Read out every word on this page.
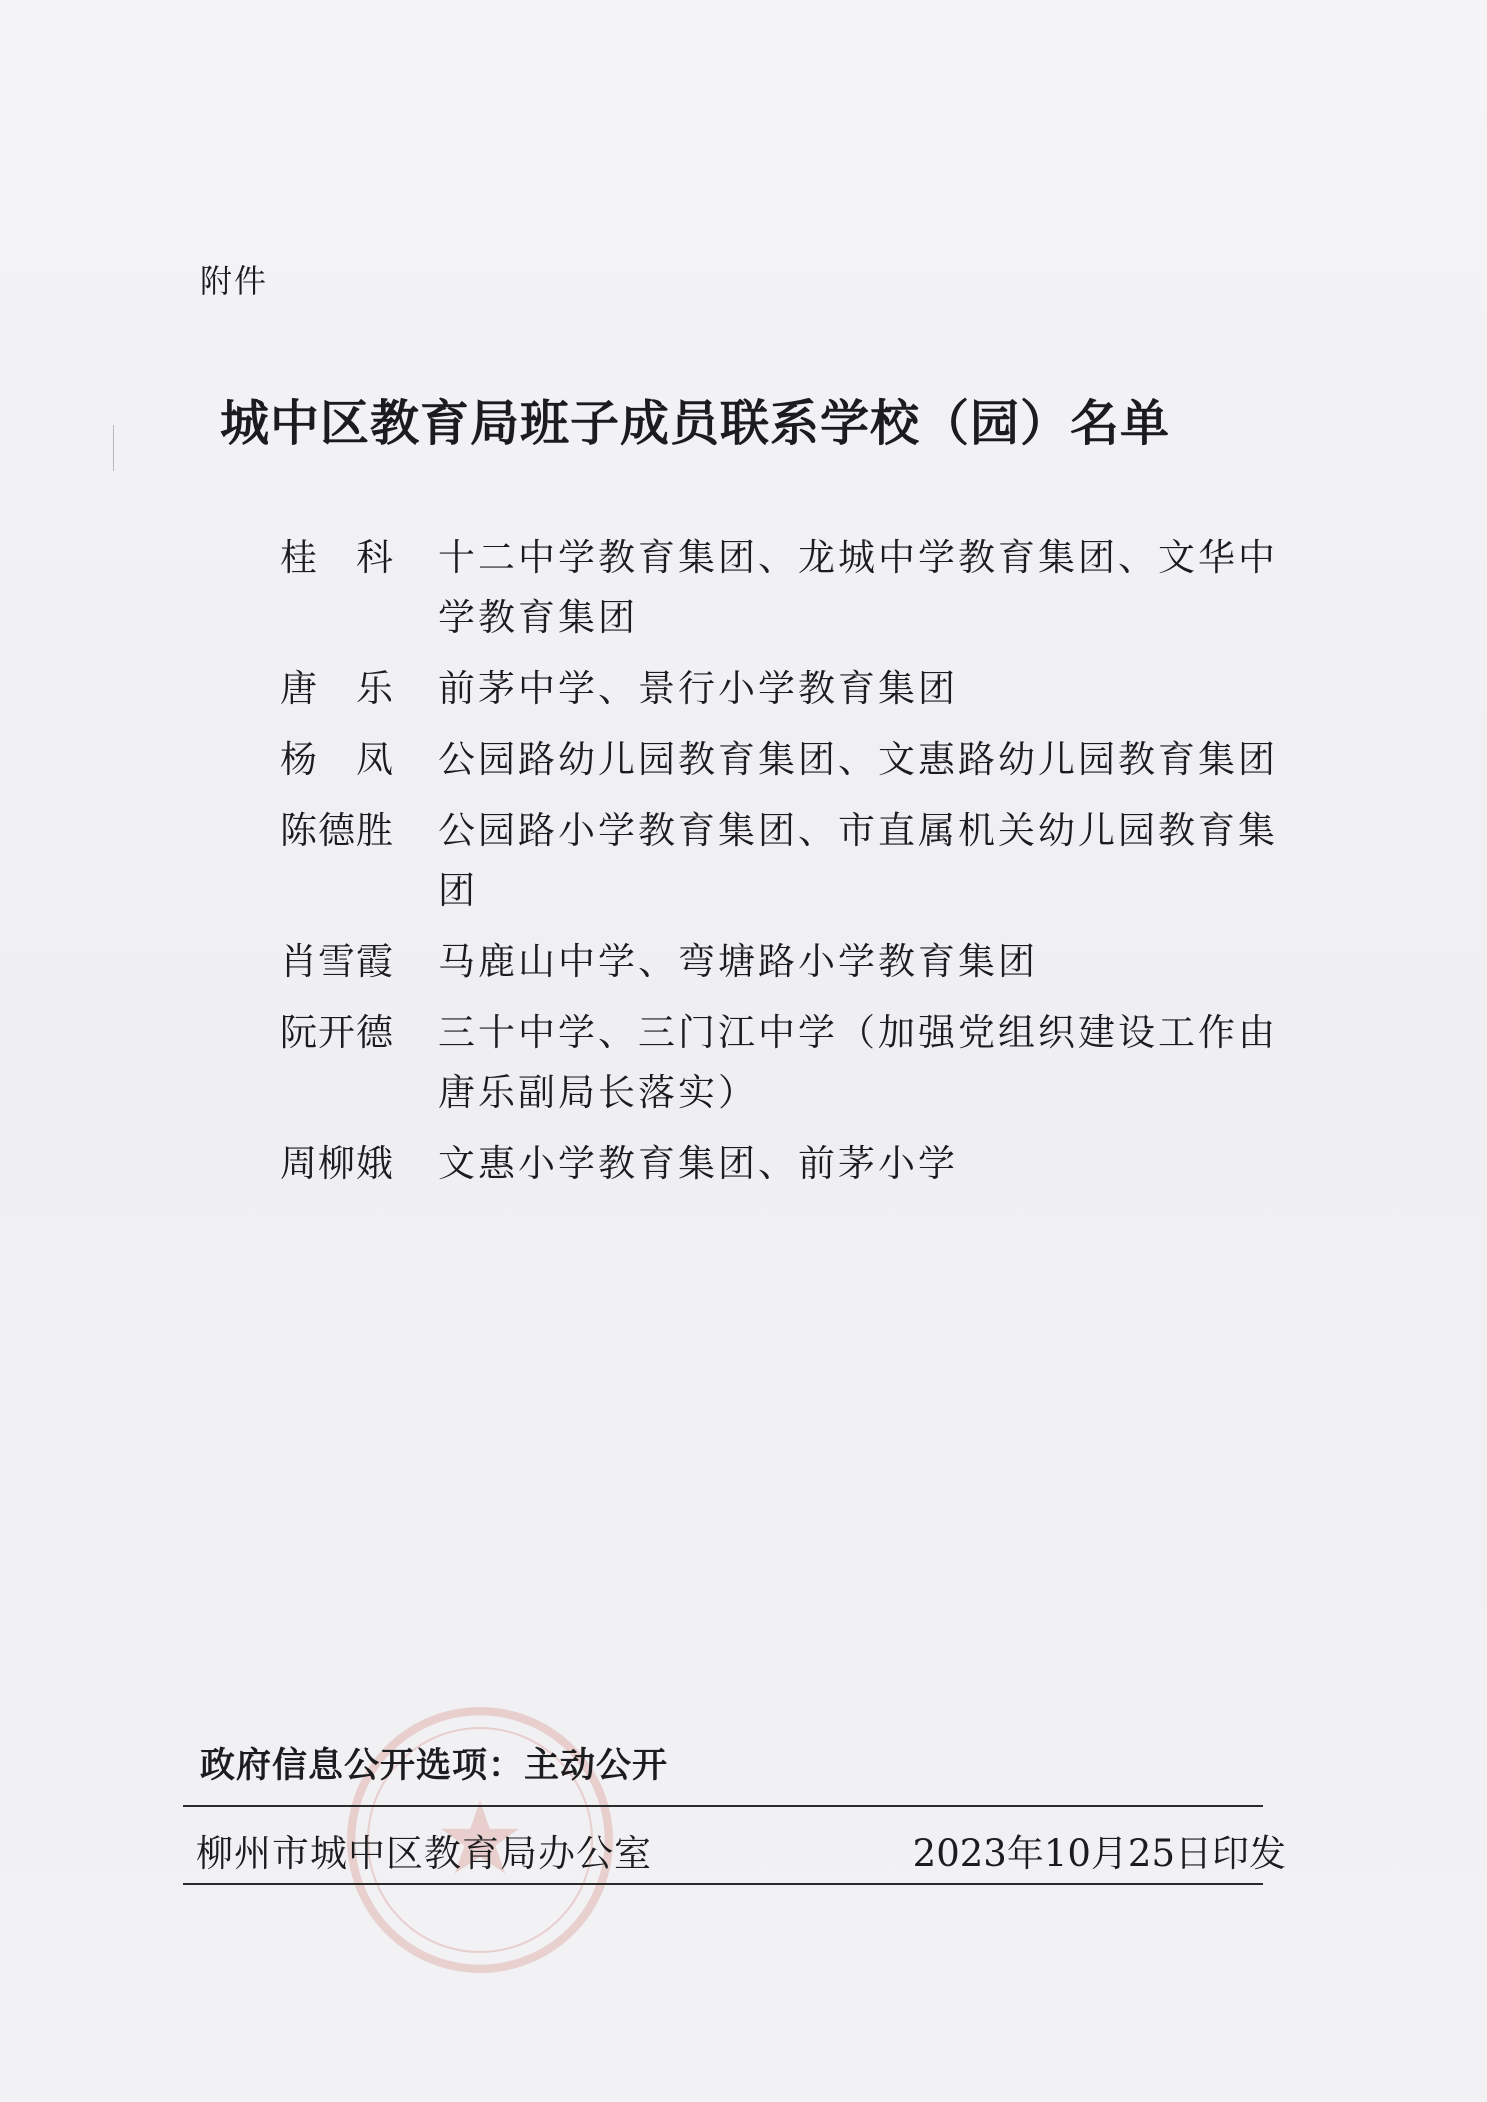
附件
城中区教育局班子成员联系学校（园）名单
桂　科	十二中学教育集团、龙城中学教育集团、文华中学教育集团
唐　乐	前茅中学、景行小学教育集团
杨　凤	公园路幼儿园教育集团、文惠路幼儿园教育集团
陈德胜	公园路小学教育集团、市直属机关幼儿园教育集团
肖雪霞	马鹿山中学、弯塘路小学教育集团
阮开德	三十中学、三门江中学（加强党组织建设工作由唐乐副局长落实）
周柳娥	文惠小学教育集团、前茅小学
政府信息公开选项：主动公开
柳州市城中区教育局办公室	2023年10月25日印发
